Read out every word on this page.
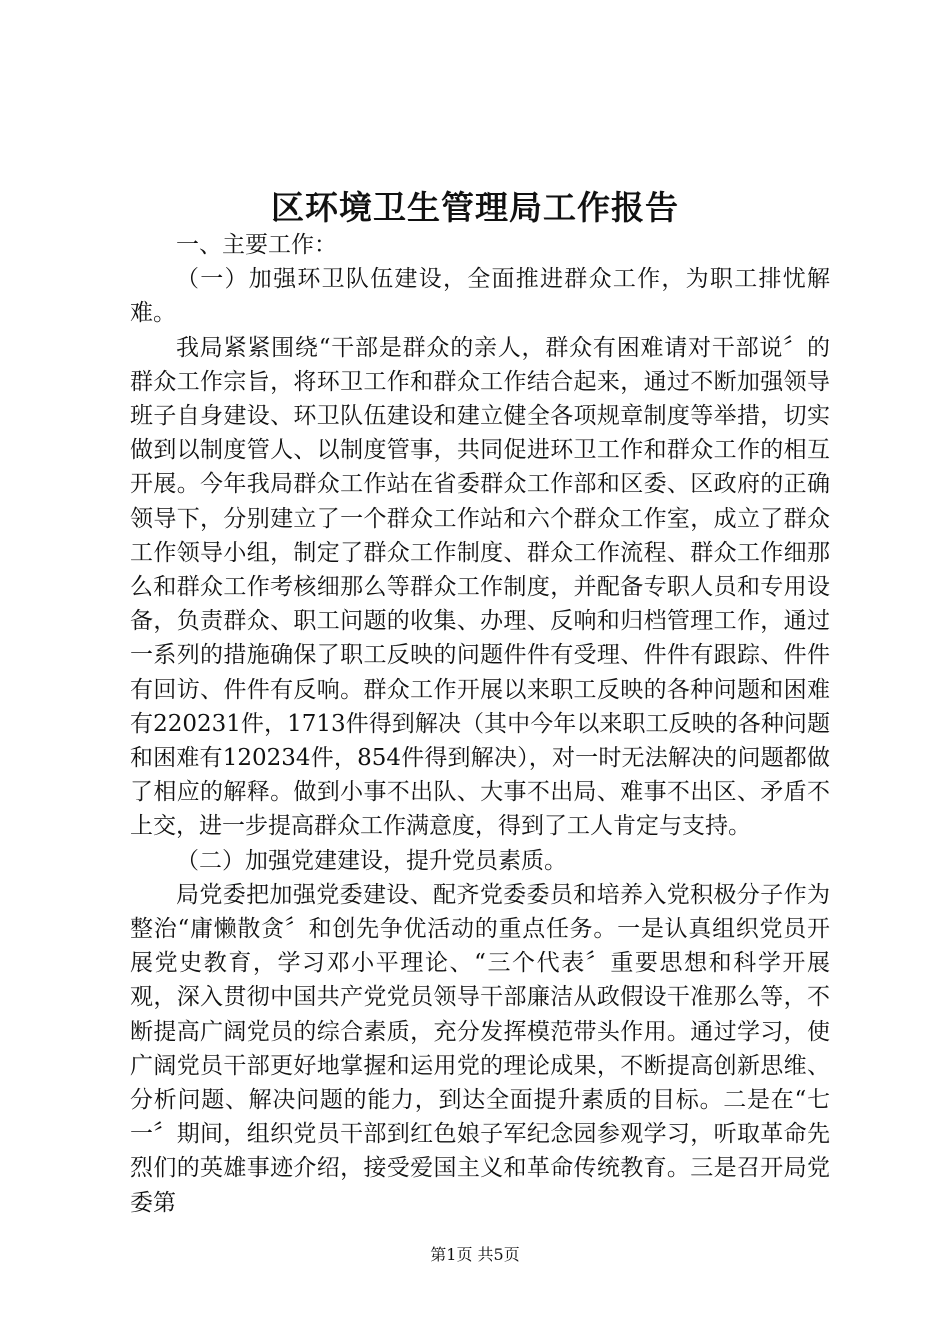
区环境卫生管理局工作报告

一、主要工作：

（一）加强环卫队伍建设，全面推进群众工作，为职工排忧解难。

我局紧紧围绕“干部是群众的亲人，群众有困难请对干部说〞的群众工作宗旨，将环卫工作和群众工作结合起来，通过不断加强领导班子自身建设、环卫队伍建设和建立健全各项规章制度等举措，切实做到以制度管人、以制度管事，共同促进环卫工作和群众工作的相互开展。今年我局群众工作站在省委群众工作部和区委、区政府的正确领导下，分别建立了一个群众工作站和六个群众工作室，成立了群众工作领导小组，制定了群众工作制度、群众工作流程、群众工作细那么和群众工作考核细那么等群众工作制度，并配备专职人员和专用设备，负责群众、职工问题的收集、办理、反响和归档管理工作，通过一系列的措施确保了职工反映的问题件件有受理、件件有跟踪、件件有回访、件件有反响。群众工作开展以来职工反映的各种问题和困难有220231件，1713件得到解决（其中今年以来职工反映的各种问题和困难有120234件，854件得到解决），对一时无法解决的问题都做了相应的解释。做到小事不出队、大事不出局、难事不出区、矛盾不上交，进一步提高群众工作满意度，得到了工人肯定与支持。

（二）加强党建建设，提升党员素质。

局党委把加强党委建设、配齐党委委员和培养入党积极分子作为整治“庸懒散贪〞和创先争优活动的重点任务。一是认真组织党员开展党史教育，学习邓小平理论、“三个代表〞重要思想和科学开展观，深入贯彻中国共产党党员领导干部廉洁从政假设干准那么等，不断提高广阔党员的综合素质，充分发挥模范带头作用。通过学习，使广阔党员干部更好地掌握和运用党的理论成果，不断提高创新思维、分析问题、解决问题的能力，到达全面提升素质的目标。二是在“七一〞期间，组织党员干部到红色娘子军纪念园参观学习，听取革命先烈们的英雄事迹介绍，接受爱国主义和革命传统教育。三是召开局党委第

第1页 共5页
